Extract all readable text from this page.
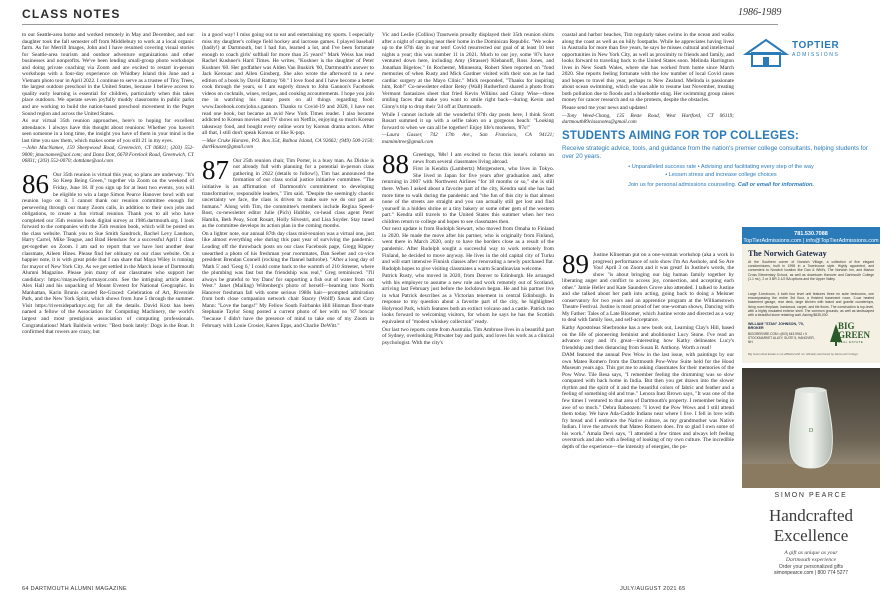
CLASS NOTES	1986-1989

to our Seattle-area home and worked remotely in May and December, and our daughter took the fall semester off from Middlebury to work at a local organic farm. As for Merrill Images, John and I have resumed covering visual stories for Seattle-area tourism and outdoor adventure organizations and other businesses and nonprofits. We've been lending small-group photo workshops and doing private coaching via Zoom and are excited to restart in-person workshops with a four-day experience on Whidbey Island this June and a Vietnam photo tour in April 2022. I continue to serve as a trustee of Tiny Trees, the largest outdoor preschool in the United States, because I believe access to quality early learning is essential for children, particularly when this takes place outdoors. We operate seven joyfully muddy classrooms in public parks and are working to build the nation-based preschool movement in the Puget Sound region and across the United States.

As our virtual 35th reunion approaches, here's to hoping for excellent attendance. I always have this thought about reunions: Whether you haven't seen someone in a long time, the insight you have of them in your mind is the last time you saw them, which makes some of you still 21 in my eyes.

—John MacNamee, 159 Sheepwood Road, Greenwich, CT 06831; (203) 552-9000; jmacnamee@aol.com; and Dana Dott, 6678 Forelock Road, Greenwich, CT 06831; (203) 552-0070; dottdane@aol.com

86 Our 35th reunion is virtual this year, so plans are underway. "It's So Keep Being Green," together via Zoom on the weekend of Friday, June 18. If you sign up for at least two events, you will be eligible to win a large Simon Pearce Hanover bowl with our reunion logo on it. I cannot thank our reunion committee enough for persevering through our many Zoom calls, in addition to their own jobs and obligations, to create a fun virtual reunion. Thank you to all who have completed our 35th reunion book digital survey at 1986.dartmouth.org. I look forward to the companies with the 35th reunion book, which will be posted on the class website. Thank you to Sue Smith Sandrock, Rachel Levy Landson, Harry Carrel, Mike Teague, and Brad Henshaw for a successful April 1 class get-together on Zoom. I am sad to report that we have lost another dear classmate, Aileen Hines. Please find her obituary on our class website. On a happier note, it is with great pride that I can share that Maya Wiley is running for mayor of New York City. As we get settled in the March issue of Dartmouth Alumni Magazine. Please join many of our classmates who support her candidacy: https://mayawileyformayor.com. See the intriguing article about Alex Hall and his unpacking of Mount Everest for National Geographic. In Manhattan, Karin Brunis curated Re-Graced: Celebration of Art, Riverside Park, and the New York Spirit, which shows from June 5 through the summer. Visit https://riversideparknyc.org for all the details. David Kotz has been named a fellow of the Association for Computing Machinery, the world's largest and most prestigious association of computing professionals. Congratulations! Mark Baldwin writes: "Best book lately: Dogs in the Boat. It confirmed that rowers are crazy, but

in a good way! I miss going out to eat and entertaining my sports. I especially miss my daughter's college field hockey and lacrosse games. I played baseball (badly!) at Dartmouth, but I had fun, learned a lot, and I've been fortunate enough to coach girls' softball for more than 25 years!" Mark Weiss has read Rachel Kushner's Hard Times. He writes, "Kushner is the daughter of Peter Kushner '60. Her godfather was Alden Van Buskirk '60, Dartmouth's answer to Jack Kerouac and Allen Ginsberg. She also wrote the afterword to a new edition of a book by David Rattray '60." I love food and I have become a better cook through the years, so I am eagerly drawn to John Gannon's Facebook videos on cocktails, wines, recipes, and cooking accoutrements. I hope you join me in watching his many posts on all things regarding food: www.facebook.com/john.s.gannon. Thanks to Covid-19 and 2020, I have not read one book, but became an avid New York Times reader. I also became addicted to Korean movies and TV shows on Netflix, enjoying so much Korean takeaway food, and bought every online worn by Korean drama actors. After all that, I still don't speak Korean or like K-pop.

—Mae Cruke Harsten, P.O. Box 354, Balboa Island, CA 92662; (949) 500-2150; dartHousen@gmail.com

87 Our 25th reunion chair, Tim Porter, is a busy man. As Dickie is not already full with planning for a potential in-person class gathering in 2022 (details to follow!), Tim has announced the formation of our class social justice initiative committee. "The initiative is an affirmation of Dartmouth's commitment to developing transformative, responsible leaders," Tim said. "Despite the seemingly chaotic uncertainty we face, the class is driven to make sure we do our part as humans." Along with Tim, the committee's members include Regina Speed-Bost, co-newsletter editor Julie (Pich) Hubble, co-head class agent Peter Hamlin, Beth Peay, Scott Rosart, Holly Silvestri, and Lisa Snyder. Stay tuned as the committee develops its action plan in the coming months.

On a lighter note, our annual 87th day class mid-reunion was a virtual one, just like almost everything else during this past year of surviving the pandemic. Leading off the throwback posts on our class Facebook page, Gregg Kippey unearthed a photo of his freshman year roommates, Dan Seeber and co-vice president Brendan Connell (rocking the flannel bathrobe). "After a long day of 'Math 5' and 'Geog 6,' I could come back to the warmth of 210 Streeter, where the plumbing was fast but the friendship was real," Greg reminisced. "I'll always be grateful to 'my Dans' for supporting a fish out of water from out West." Janet (Mailing) Wiltenberg's photo of herself—beaming into North Hanover freshman fall with some serious 1980s hair—prompted admiration from both close companion network chair Stacey (Wolff) Savas and Cory Mann: "Love the bangs!" My Fellow South Fairbanks Hill Hinman floor-mate Stephanie Taylor Song posted a current photo of her with no '87 boxcar "because I didn't have the presence of mind to take one of my Zoom in February with Louie Crosier, Karen Epps, and Charlie DeWitt."

Vic and Leslie (Collins) Trautwein proudly displayed their 35th reunion shirts after a night of camping near their home in the Dominican Republic. "We woke up to the 87th day in our tent! Covid resurrected our goal of at least 10 tent nights a year; this was number 11 in 2021. Much to our joy, some '87s have ventured down here, including Amy (Strasser) Klebanoff, Ross Jones, and Jonathan Bigelow." In Rochester, Minnesota, Robert Shen reported on "fond memories of when Rusty and Mick Gardner visited with their son as he had cardiac surgery at the Mayo Clinic." Mick responded, "Thanks for inspiring him, Rob!" Co-newsletter editor Betsy (Wall) Rutherford shared a photo from Vermont fantasizes sheet that fried Kevin Wilkins and Ginny Wise—three smiling faces that make you want to smile right back—during Kevin and Ginny's trip to drop their '24 off at Dartmouth.

While I cannot include all the wonderful 87th day posts here, I think Scott Rosart summed it up with a selfie taken on a gorgeous beach: "Looking forward to when we can all be together! Enjoy life's moments, '87s!"

—Laura Gasser, 742 17th Ave., San Francisco, CA 94121; mamimitree@gmail.com

88 Greetings, '88s! I am excited to focus this issue's column on news from several classmates living abroad.

First in Kendra (Lambertz) Morgenstern, who lives in Tokyo. She lived in Japan for five years after graduation and, after returning in 2007 with Northwest Airlines "for 18 months or so," she is still there. When I asked about a favorite part of the city, Kendra said she has had more time to walk during the pandemic and "the fun of this city is that almost none of the streets are straight and you can actually still get lost and find yourself in a hidden shrine or a tiny bakery or some other gem of the western part." Kendra still travels to the United States this summer when her two children return to college and hopes to see classmates then.

Our next update is from Rudolph Stewart, who moved from Omaha to Finland in 2020. He made the move after his partner, who is originally from Finland, went there in March 2020, only to have the borders close as a result of the pandemic. After Rudolph sought a successful way to work remotely from Finland, he decided to move anyway. He lives in the old capital city of Turku and will start intensive Finnish classes after renovating a newly purchased flat. Rudolph hopes to give visiting classmates a warm Scandinavian welcome.

Patrick Rusty, who moved in 2020, from Denver to Edinburgh. He arranged with his employer to assume a new role and work remotely out of Scotland, arriving last February just before the lockdown began. He and his partner live in what Patrick describes as a Victorian tenement in central Edinburgh. In response to my question about a favorite part of the city, he highlighted Holyrood Park, which features both an extinct volcano and a castle. Patrick too looks forward to welcoming visitors, for whom he says he has the Scottish equivalent of "modest whiskey collection" ready.

Our last two reports come from Australia. Tim Ambrose lives in a beautiful part of Sydney, overlooking Pittwater bay and park, and loves his work as a clinical psychologist. With the city's

TOPTIER
ADMISSIONS

coastal and harbor beaches, Tim regularly takes swims in the ocean and walks along the coast as well as on hilly footpaths. While he appreciates having lived in Australia for more than five years, he says he misses cultural and intellectual opportunities in New York City, as well as proximity to friends and family, and looks forward to traveling back to the United States soon. Melinda Harrington lives in New South Wales, where she has worked from home since March 2020. She reports feeling fortunate with the low number of local Covid cases and hopes to travel this year, perhaps to New Zealand. Melinda is passionate about ocean swimming, which she was able to resume last November, treating both pollution due to floods and a bluebottle sting. Her swimming group raises money for cancer research and so she protests, despite the obstacles.

Please send me your news and updates!

—Tony Weed-Chang, 135 Beste Road, West Hartford, CT 06119; dartmouth89classnotes@gmail.com

STUDENTS AIMING FOR TOP COLLEGES:
Receive strategic advice, tools, and guidance from the nation's premier college consultants, helping students for over 20 years.
• Unparalleled success rate • Advising and facilitating every step of the way
• Lessen stress and increase college choices
Join us for personal admissions counseling. Call or email for information.
781.530.7088
TopTierAdmissions.com | info@TopTierAdmissions.com
89 Justine Klineman put on a one-woman workshop (aka a work in progress) performance of solo show I'm An Asshole, and So Are You! April 3 on Zoom and it was great! In Justine's words, the show "is about bringing our big human family together by liberating anger and conflict to access joy, connection, and accepting each other." Jamie Heller and Kate Saunders Grove also attended. I talked to Justine and she talked about her path into acting, going back to doing a Meisner conservatory for two years and an apprentice program at the Williamstown Theatre Festival. Justine is most proud of her one-woman shows, Dancing with My Father: Tales of a Late Bloomer, which Justine wrote and directed as a way to deal with family loss, and self-acceptance.

Kathy Apostoleas Sherbrooke has a new book out, Learning Clay's Hill, based on the life of pioneering feminist and abolitionist Lucy Stone. I've read an advance copy and it's great—interesting how Kathy delineates Lucy's friendship and then distancing from Susan B. Anthony. Worth a read!

DAM featured the annual Pow Wow in the last issue, with paintings by our own Mateo Romero from the Dartmouth Pow-Wow Suite held for the Hood Museum years ago. This got me to asking classmates for their memories of the Pow Wow. Tile Besa says, "I remember feeling the drumming was so slow compared with back home in India. But then you get drawn into the slower rhythm and the spirit of it and the beautiful colors of fabric and feather and a feeling of something old and true." Lenora Inez Brown says, "It was one of the few times I ventured to that area of Dartmouth's property. I remember being in awe of so much." Debra Baboozen: "I loved the Pow Wows and I still attend them today. We have Ada-Caddo Indians near where I live. I fell in love with fry bread and I embrace the Native culture, as my grandmother was Native Indian. I love the artwork that Mateo Romero does. I'm so glad I own some of his work." Amala Devi says, "I attended a few times and always left feeling overstruck and also with a feeling of looking of my own culture. The incredible depth of the experience—the intensity of energies, the po-

The Norwich Gateway
At the Southern corner of Norwich Village, a collection of five elegant condominiums, built in 1998 in a Townhouse style. Highly appointed, and convenient to Norwich location like Dan & Whit's, The Norwich Inn, and Marion Cross Elementary School, as well as downtown Hanover and Dartmouth College (1.1 mi.), 2 or 3 BR 2-1/2 BA options and the Upper Valley.
Large 3-bedroom, 4 bath four level unit features three en suite bedrooms, one encompassing the entire 3rd floor, a finished basement room, 2-car heated basement garage, rear deck, large kitchen with island and granite countertops, living room fireplace, hardwood, carpet, and tile floors. The construction is top-level, with a highly insulated exterior shell. The common grounds, as well as landscaped with a beautiful stone retaining wall. Asking $635,000.
WILLIAM "STAN" JOHNSON, '70, BROKER
BIGGREENRE.COM • (603) 643-9942 • 5 STOCKMARKET ALLEY, SUITE 5, HANOVER, NH
BIG
GREEN
REAL ESTATE
Big Green Real Estate is not affiliated with nor officially sanctioned by Dartmouth College
D
SIMON PEARCE
Handcrafted
Excellence
A gift as unique as your
Dartmouth experience
Order your personalized gifts
simonpearce.com | 800 774 5277
64 DARTMOUTH ALUMNI MAGAZINE	JULY/AUGUST 2021 65
